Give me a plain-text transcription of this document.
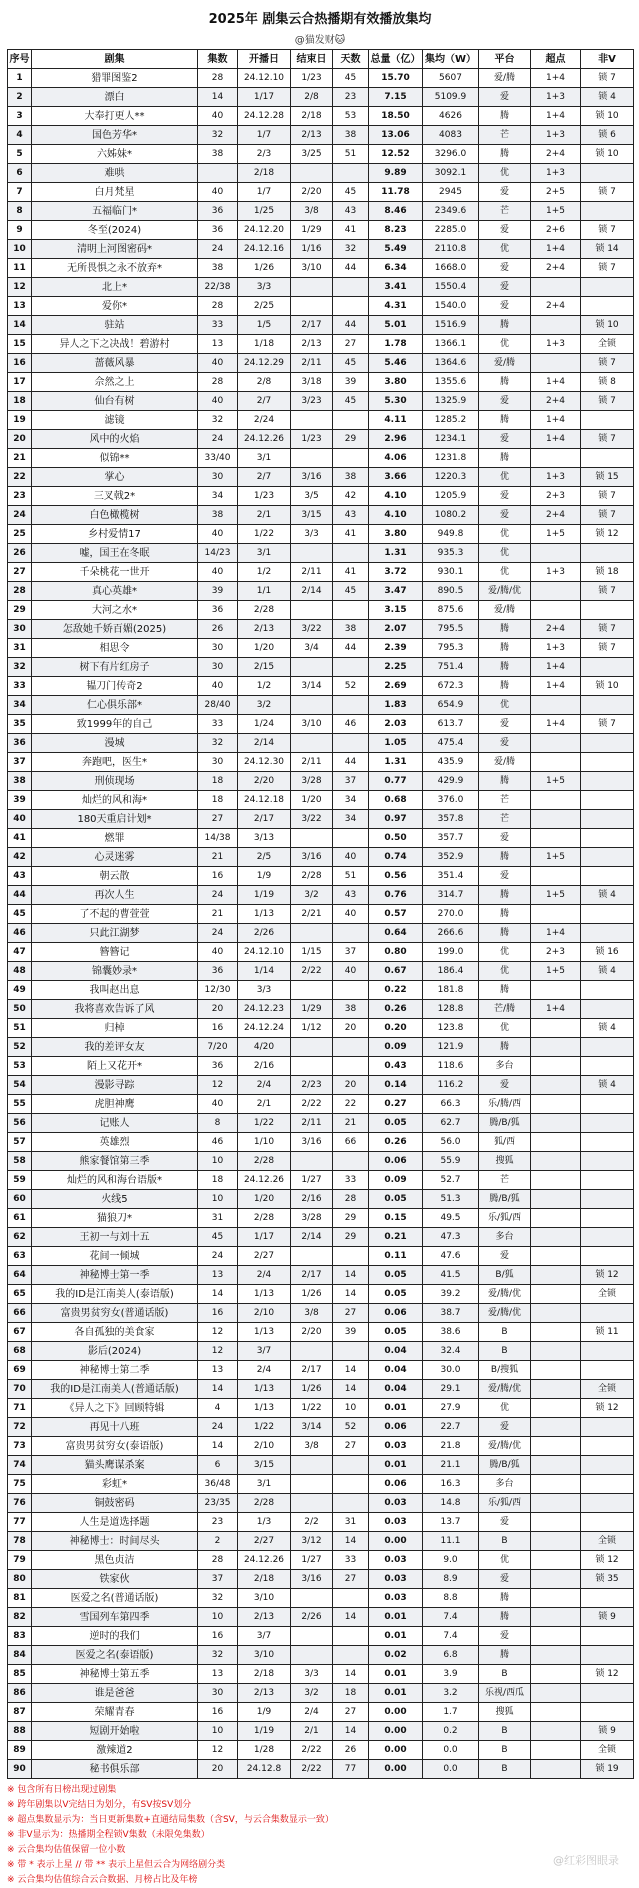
2025年 剧集云合热播期有效播放集均
@猫发财🐱
序号	剧集	集数	开播日	结束日	天数	总量（亿）	集均（W）	平台	超点	非V
1	猎罪图鉴2	28	24.12.10	1/23	45	15.70	5607	爱/腾	1+4	锁 7
2	漂白	14	1/17	2/8	23	7.15	5109.9	爱	1+3	锁 4
3	大奉打更人**	40	24.12.28	2/18	53	18.50	4626	腾	1+4	锁 10
4	国色芳华*	32	1/7	2/13	38	13.06	4083	芒	1+3	锁 6
5	六姊妹*	38	2/3	3/25	51	12.52	3296.0	腾	2+4	锁 10
6	难哄		2/18			9.89	3092.1	优	1+3	
7	白月梵星	40	1/7	2/20	45	11.78	2945	爱	2+5	锁 7
8	五福临门*	36	1/25	3/8	43	8.46	2349.6	芒	1+5	
9	冬至(2024)	36	24.12.20	1/29	41	8.23	2285.0	爱	2+6	锁 7
10	清明上河图密码*	24	24.12.16	1/16	32	5.49	2110.8	优	1+4	锁 14
11	无所畏惧之永不放弃*	38	1/26	3/10	44	6.34	1668.0	爱	2+4	锁 7
12	北上*	22/38	3/3			3.41	1550.4	爱		
13	爱你*	28	2/25			4.31	1540.0	爱	2+4	
14	驻站	33	1/5	2/17	44	5.01	1516.9	腾		锁 10
15	异人之下之决战！碧游村	13	1/18	2/13	27	1.78	1366.1	优	1+3	全锁
16	蔷薇风暴	40	24.12.29	2/11	45	5.46	1364.6	爱/腾		锁 7
17	佘然之上	28	2/8	3/18	39	3.80	1355.6	腾	1+4	锁 8
18	仙台有树	40	2/7	3/23	45	5.30	1325.9	爱	2+4	锁 7
19	滤镜	32	2/24			4.11	1285.2	腾	1+4	
20	风中的火焰	24	24.12.26	1/23	29	2.96	1234.1	爱	1+4	锁 7
21	似锦**	33/40	3/1			4.06	1231.8	腾		
22	掌心	30	2/7	3/16	38	3.66	1220.3	优	1+3	锁 15
23	三叉戟2*	34	1/23	3/5	42	4.10	1205.9	爱	2+3	锁 7
24	白色橄榄树	38	2/1	3/15	43	4.10	1080.2	爱	2+4	锁 7
25	乡村爱情17	40	1/22	3/3	41	3.80	949.8	优	1+5	锁 12
26	嘘，国王在冬眠	14/23	3/1			1.31	935.3	优		
27	千朵桃花一世开	40	1/2	2/11	41	3.72	930.1	优	1+3	锁 18
28	真心英雄*	39	1/1	2/14	45	3.47	890.5	爱/腾/优		锁 7
29	大河之水*	36	2/28			3.15	875.6	爱/腾		
30	怎敌她千娇百媚(2025)	26	2/13	3/22	38	2.07	795.5	腾	2+4	锁 7
31	相思令	30	1/20	3/4	44	2.39	795.3	腾	1+3	锁 7
32	树下有片红房子	30	2/15			2.25	751.4	腾	1+4	
33	韫刀门传奇2	40	1/2	3/14	52	2.69	672.3	腾	1+4	锁 10
34	仁心俱乐部*	28/40	3/2			1.83	654.9	优		
35	致1999年的自己	33	1/24	3/10	46	2.03	613.7	爱	1+4	锁 7
36	漫城	32	2/14			1.05	475.4	爱		
37	奔跑吧，医生*	30	24.12.30	2/11	44	1.31	435.9	爱/腾		
38	刑侦现场	18	2/20	3/28	37	0.77	429.9	腾	1+5	
39	灿烂的风和海*	18	24.12.18	1/20	34	0.68	376.0	芒		
40	180天重启计划*	27	2/17	3/22	34	0.97	357.8	芒		
41	燃罪	14/38	3/13			0.50	357.7	爱		
42	心灵迷雾	21	2/5	3/16	40	0.74	352.9	腾	1+5	
43	朝云散	16	1/9	2/28	51	0.56	351.4	爱		
44	再次人生	24	1/19	3/2	43	0.76	314.7	腾	1+5	锁 4
45	了不起的曹萱萱	21	1/13	2/21	40	0.57	270.0	腾		
46	只此江湖梦	24	2/26			0.64	266.6	腾	1+4	
47	簪簪记	40	24.12.10	1/15	37	0.80	199.0	优	2+3	锁 16
48	锦囊妙录*	36	1/14	2/22	40	0.67	186.4	优	1+5	锁 4
49	我叫赵出息	12/30	3/3			0.22	181.8	腾		
50	我将喜欢告诉了风	20	24.12.23	1/29	38	0.26	128.8	芒/腾	1+4	
51	归棹	16	24.12.24	1/12	20	0.20	123.8	优		锁 4
52	我的差评女友	7/20	4/20			0.09	121.9	腾		
53	陌上又花开*	36	2/16			0.43	118.6	多台		
54	漫影寻踪	12	2/4	2/23	20	0.14	116.2	爱		锁 4
55	虎胆神鹰	40	2/1	2/22	22	0.27	66.3	乐/腾/西		
56	记账人	8	1/22	2/11	21	0.05	62.7	腾/B/狐		
57	英雄烈	46	1/10	3/16	66	0.26	56.0	狐/西		
58	熊家餐馆第三季	10	2/28			0.06	55.9	搜狐		
59	灿烂的风和海台语版*	18	24.12.26	1/27	33	0.09	52.7	芒		
60	火线5	10	1/20	2/16	28	0.05	51.3	腾/B/狐		
61	猫狼刀*	31	2/28	3/28	29	0.15	49.5	乐/狐/西		
62	王初一与刘十五	45	1/17	2/14	29	0.21	47.3	多台		
63	花间一倾城	24	2/27			0.11	47.6	爱		
64	神秘博士第一季	13	2/4	2/17	14	0.05	41.5	B/狐		锁 12
65	我的ID是江南美人(泰语版)	14	1/13	1/26	14	0.05	39.2	爱/腾/优		全锁
66	富贵男贫穷女(普通话版)	16	2/10	3/8	27	0.06	38.7	爱/腾/优		
67	各自孤独的美食家	12	1/13	2/20	39	0.05	38.6	B		锁 11
68	影后(2024)	12	3/7			0.04	32.4	B		
69	神秘博士第二季	13	2/4	2/17	14	0.04	30.0	B/搜狐		
70	我的ID是江南美人(普通话版)	14	1/13	1/26	14	0.04	29.1	爱/腾/优		全锁
71	《异人之下》回顾特辑	4	1/13	1/22	10	0.01	27.9	优		锁 12
72	再见十八班	24	1/22	3/14	52	0.06	22.7	爱		
73	富贵男贫穷女(泰语版)	14	2/10	3/8	27	0.03	21.8	爱/腾/优		
74	猫头鹰谋杀案	6	3/15			0.01	21.1	腾/B/狐		
75	彩虹*	36/48	3/1			0.06	16.3	多台		
76	铜鼓密码	23/35	2/28			0.03	14.8	乐/狐/西		
77	人生是道选择题	23	1/3	2/2	31	0.03	13.7	爱		
78	神秘博士：时间尽头	2	2/27	3/12	14	0.00	11.1	B		全锁
79	黑色贞洁	28	24.12.26	1/27	33	0.03	9.0	优		锁 12
80	铁家伙	37	2/18	3/16	27	0.03	8.9	爱		锁 35
81	医爱之名(普通话版)	32	3/10			0.03	8.8	腾		
82	雪国列车第四季	10	2/13	2/26	14	0.01	7.4	腾		锁 9
83	逆时的我们	16	3/7			0.01	7.4	爱		
84	医爱之名(泰语版)	32	3/10			0.02	6.8	腾		
85	神秘博士第五季	13	2/18	3/3	14	0.01	3.9	B		锁 12
86	谁是爸爸	30	2/13	3/2	18	0.01	3.2	乐视/西瓜		
87	荣耀青春	16	1/9	2/4	27	0.00	1.7	搜狐		
88	短剧开始啦	10	1/19	2/1	14	0.00	0.2	B		锁 9
89	激辣道2	12	1/28	2/22	26	0.00	0.0	B		全锁
90	秘书俱乐部	20	24.12.8	2/22	77	0.00	0.0	B		锁 19
※ 包含所有日榜出现过剧集
※ 跨年剧集以V完结日为划分，有SV按SV划分
※ 超点集数显示为：当日更新集数+直通结局集数（含SV，与云合集数显示一致）
※ 非V显示为：热播期全程锁V集数（未限免集数）
※ 云合集均估值保留一位小数
※ 带 * 表示上星 // 带 ** 表示上星但云合为网络剧分类
※ 云合集均估值综合云合数据、月榜占比及年榜
@红彩图眼录
